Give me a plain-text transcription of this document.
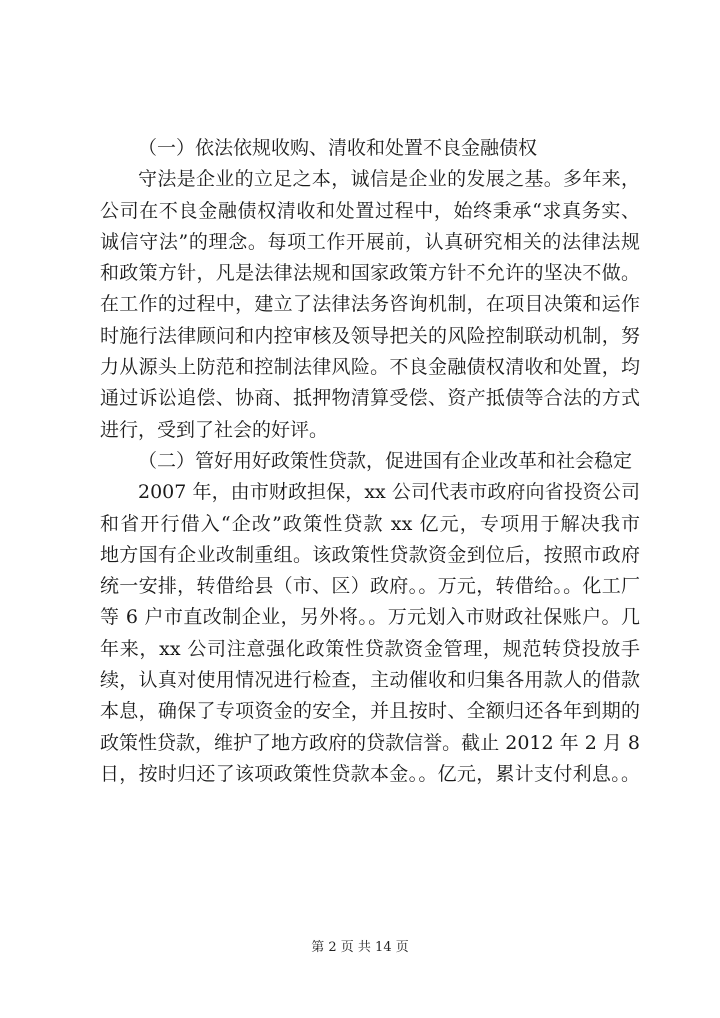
（一）依法依规收购、清收和处置不良金融债权
守法是企业的立足之本，诚信是企业的发展之基。多年来，
公司在不良金融债权清收和处置过程中，始终秉承“求真务实、
诚信守法”的理念。每项工作开展前，认真研究相关的法律法规
和政策方针，凡是法律法规和国家政策方针不允许的坚决不做。
在工作的过程中，建立了法律法务咨询机制，在项目决策和运作
时施行法律顾问和内控审核及领导把关的风险控制联动机制，努
力从源头上防范和控制法律风险。不良金融债权清收和处置，均
通过诉讼追偿、协商、抵押物清算受偿、资产抵债等合法的方式
进行，受到了社会的好评。
（二）管好用好政策性贷款，促进国有企业改革和社会稳定
2007 年，由市财政担保，xx 公司代表市政府向省投资公司
和省开行借入“企改”政策性贷款 xx 亿元，专项用于解决我市
地方国有企业改制重组。该政策性贷款资金到位后，按照市政府
统一安排，转借给县（市、区）政府。。万元，转借给。。化工厂
等 6 户市直改制企业，另外将。。万元划入市财政社保账户。几
年来，xx 公司注意强化政策性贷款资金管理，规范转贷投放手
续，认真对使用情况进行检查，主动催收和归集各用款人的借款
本息，确保了专项资金的安全，并且按时、全额归还各年到期的
政策性贷款，维护了地方政府的贷款信誉。截止 2012 年 2 月 8
日，按时归还了该项政策性贷款本金。。亿元，累计支付利息。。
第 2 页 共 14 页
